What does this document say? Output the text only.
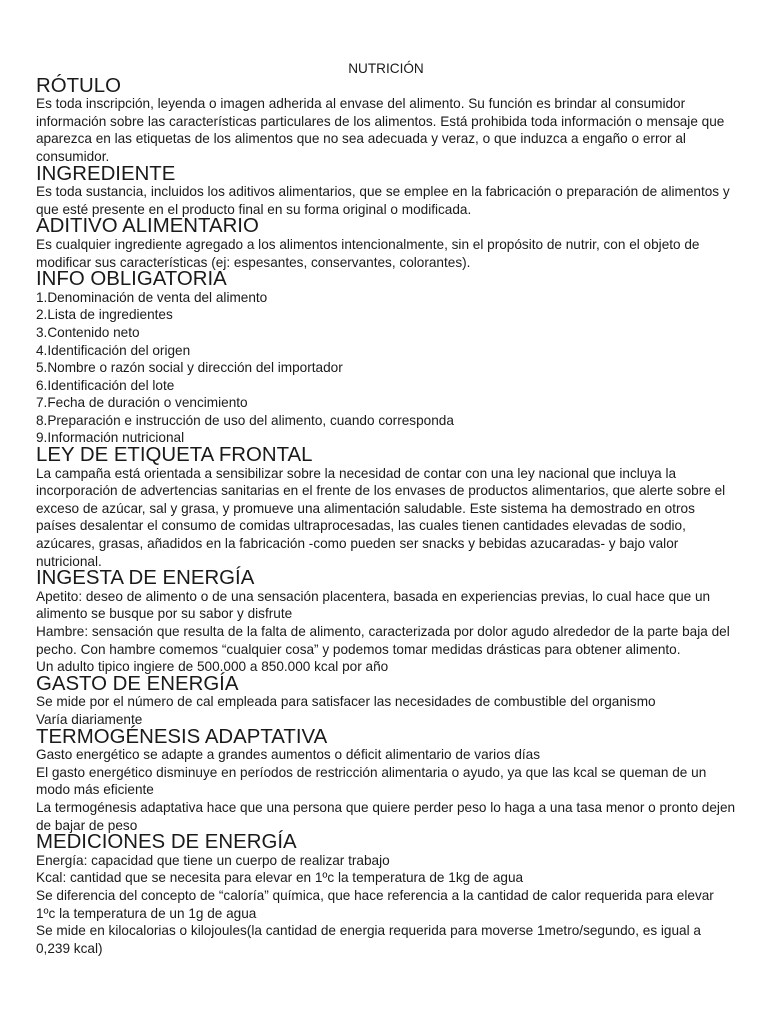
NUTRICIÓN
RÓTULO

Es toda inscripción, leyenda o imagen adherida al envase del alimento. Su función es brindar al consumidor información sobre las características particulares de los alimentos. Está prohibida toda información o mensaje que aparezca en las etiquetas de los alimentos que no sea adecuada y veraz, o que induzca a engaño o error al consumidor.

INGREDIENTE

Es toda sustancia, incluidos los aditivos alimentarios, que se emplee en la fabricación o preparación de alimentos y que esté presente en el producto final en su forma original o modificada.

ADITIVO ALIMENTARIO

Es cualquier ingrediente agregado a los alimentos intencionalmente, sin el propósito de nutrir, con el objeto de modificar sus características (ej: espesantes, conservantes, colorantes).

INFO OBLIGATORIA
1.Denominación de venta del alimento
2.Lista de ingredientes
3.Contenido neto
4.Identificación del origen
5.Nombre o razón social y dirección del importador
6.Identificación del lote
7.Fecha de duración o vencimiento
8.Preparación e instrucción de uso del alimento, cuando corresponda
9.Información nutricional
LEY DE ETIQUETA FRONTAL

La campaña está orientada a sensibilizar sobre la necesidad de contar con una ley nacional que incluya la incorporación de advertencias sanitarias en el frente de los envases de productos alimentarios, que alerte sobre el exceso de azúcar, sal y grasa, y promueve una alimentación saludable. Este sistema ha demostrado en otros países desalentar el consumo de comidas ultraprocesadas, las cuales tienen cantidades elevadas de sodio, azúcares, grasas, añadidos en la fabricación -como pueden ser snacks y bebidas azucaradas- y bajo valor nutricional.

INGESTA DE ENERGÍA

Apetito: deseo de alimento o de una sensación placentera, basada en experiencias previas, lo cual hace que un alimento se busque por su sabor y disfrute

Hambre: sensación que resulta de la falta de alimento, caracterizada por dolor agudo alrededor de la parte baja del pecho. Con hambre comemos “cualquier cosa” y podemos tomar medidas drásticas para obtener alimento.

Un adulto tipico ingiere de 500.000 a 850.000 kcal por año

GASTO DE ENERGÍA

Se mide por el número de cal empleada para satisfacer las necesidades de combustible del organismo

Varía diariamente

TERMOGÉNESIS ADAPTATIVA

Gasto energético se adapte a grandes aumentos o déficit alimentario de varios días

El gasto energético disminuye en períodos de restricción alimentaria o ayudo, ya que las kcal se queman de un modo más eficiente

La termogénesis adaptativa hace que una persona que quiere perder peso lo haga a una tasa menor o pronto dejen de bajar de peso

MEDICIONES DE ENERGÍA

Energía: capacidad que tiene un cuerpo de realizar trabajo

Kcal: cantidad que se necesita para elevar en 1ºc la temperatura de 1kg de agua

Se diferencia del concepto de “caloría” química, que hace referencia a la cantidad de calor requerida para elevar 1ºc la temperatura de un 1g de agua

Se mide en kilocalorias o kilojoules(la cantidad de energia requerida para moverse 1metro/segundo, es igual a 0,239 kcal)
